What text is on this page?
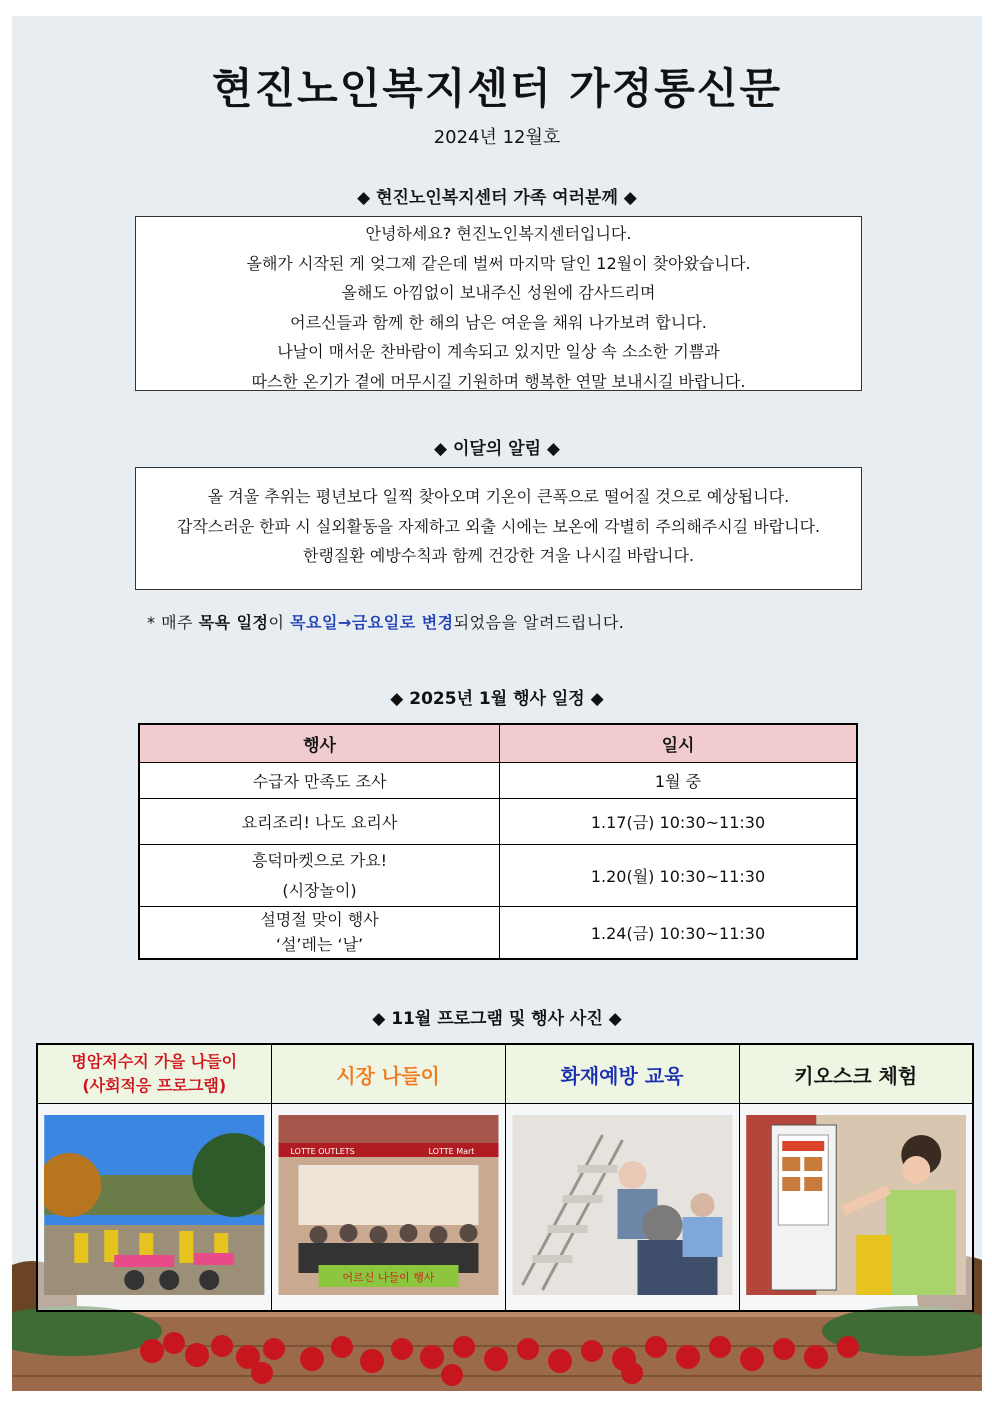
현진노인복지센터 가정통신문
2024년 12월호
◆ 현진노인복지센터 가족 여러분께 ◆
안녕하세요? 현진노인복지센터입니다.
올해가 시작된 게 엊그제 같은데 벌써 마지막 달인 12월이 찾아왔습니다.
올해도 아낌없이 보내주신 성원에 감사드리며
어르신들과 함께 한 해의 남은 여운을 채워 나가보려 합니다.
나날이 매서운 찬바람이 계속되고 있지만 일상 속 소소한 기쁨과
따스한 온기가 곁에 머무시길 기원하며 행복한 연말 보내시길 바랍니다.
◆ 이달의 알림 ◆
올 겨울 추위는 평년보다 일찍 찾아오며 기온이 큰폭으로 떨어질 것으로 예상됩니다.
갑작스러운 한파 시 실외활동을 자제하고 외출 시에는 보온에 각별히 주의해주시길 바랍니다.
한랭질환 예방수칙과 함께 건강한 겨울 나시길 바랍니다.
* 매주 목욕 일정이 목요일→금요일로 변경되었음을 알려드립니다.
◆ 2025년 1월 행사 일정 ◆
행사	일시

수급자 만족도 조사	1월 중

요리조리! 나도 요리사	1.17(금) 10:30~11:30

흥덕마켓으로 가요!
(시장놀이)	1.20(월) 10:30~11:30

설명절 맞이 행사
‘설’레는 ‘날’	1.24(금) 10:30~11:30
◆ 11월 프로그램 및 행사 사진 ◆
명암저수지 가을 나들이
(사회적응 프로그램)	시장 나들이	화재예방 교육	키오스크 체험

LOTTE OUTLETS LOTTE Mart
어르신 나들이 행사
